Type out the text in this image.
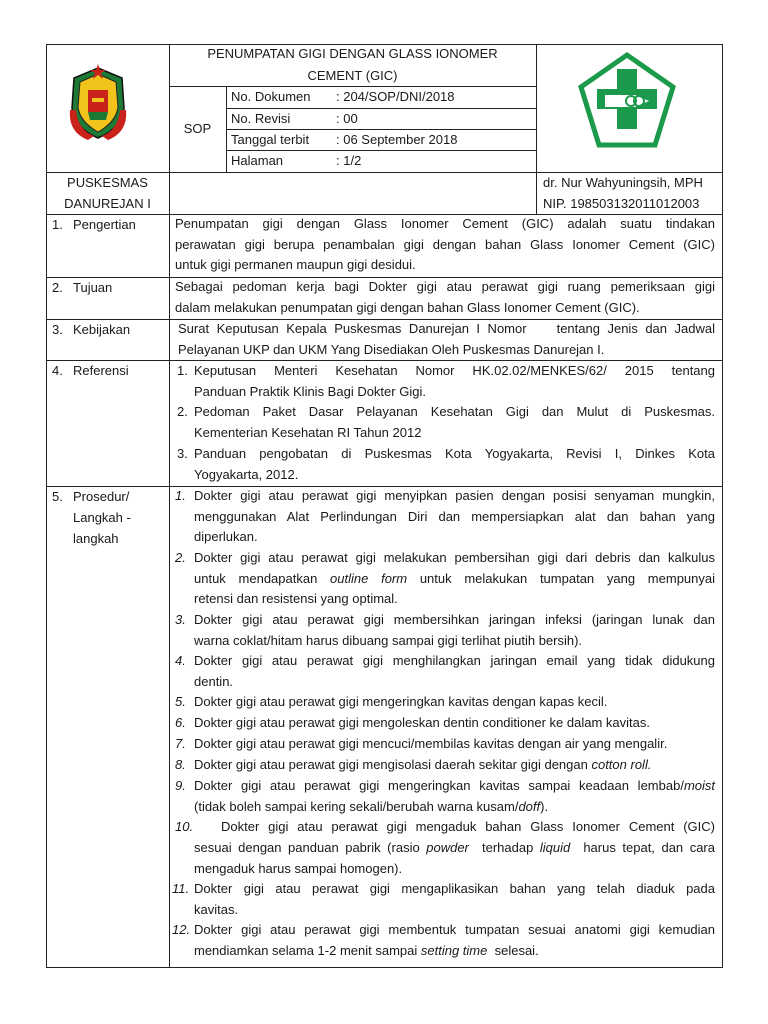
PENUMPATAN GIGI DENGAN GLASS IONOMER
CEMENT (GIC)
SOP
No. Dokumen : 204/SOP/DNI/2018
No. Revisi	: 00
Tanggal terbit : 06 September 2018
Halaman	: 1/2
PUSKESMAS
DANUREJAN I
dr. Nur Wahyuningsih, MPH
NIP. 198503132011012003
1. Pengertian	Penumpatan gigi dengan Glass Ionomer Cement (GIC) adalah suatu tindakan
perawatan gigi berupa penambalan gigi dengan bahan Glass Ionomer Cement (GIC)
untuk gigi permanen maupun gigi desidui.
2. Tujuan	Sebagai pedoman kerja bagi Dokter gigi atau perawat gigi ruang pemeriksaan gigi
dalam melakukan penumpatan gigi dengan bahan Glass Ionomer Cement (GIC).
3. Kebijakan	Surat Keputusan Kepala Puskesmas Danurejan I Nomor    tentang Jenis dan Jadwal
Pelayanan UKP dan UKM Yang Disediakan Oleh Puskesmas Danurejan I.
4. Referensi	1. Keputusan Menteri Kesehatan Nomor HK.02.02/MENKES/62/ 2015 tentang
Panduan Praktik Klinis Bagi Dokter Gigi.
2. Pedoman Paket Dasar Pelayanan Kesehatan Gigi dan Mulut di Puskesmas.
Kementerian Kesehatan RI Tahun 2012
3. Panduan pengobatan di Puskesmas Kota Yogyakarta, Revisi I, Dinkes Kota
Yogyakarta, 2012.
5. Prosedur/
Langkah -
langkah
1. Dokter gigi atau perawat gigi menyipkan pasien dengan posisi senyaman mungkin,
menggunakan Alat Perlindungan Diri dan mempersiapkan alat dan bahan yang
diperlukan.
2. Dokter gigi atau perawat gigi melakukan pembersihan gigi dari debris dan kalkulus
untuk mendapatkan outline form untuk melakukan tumpatan yang mempunyai
retensi dan resistensi yang optimal.
3. Dokter gigi atau perawat gigi membersihkan jaringan infeksi (jaringan lunak dan
warna coklat/hitam harus dibuang sampai gigi terlihat piutih bersih).
4. Dokter gigi atau perawat gigi menghilangkan jaringan email yang tidak didukung
dentin.
5. Dokter gigi atau perawat gigi mengeringkan kavitas dengan kapas kecil.
6. Dokter gigi atau perawat gigi mengoleskan dentin conditioner ke dalam kavitas.
7. Dokter gigi atau perawat gigi mencuci/membilas kavitas dengan air yang mengalir.
8. Dokter gigi atau perawat gigi mengisolasi daerah sekitar gigi dengan cotton roll.
9. Dokter gigi atau perawat gigi mengeringkan kavitas sampai keadaan lembab/moist
(tidak boleh sampai kering sekali/berubah warna kusam/doff).
10. Dokter gigi atau perawat gigi mengaduk bahan Glass Ionomer Cement (GIC)
sesuai dengan panduan pabrik (rasio powder  terhadap liquid  harus tepat, dan cara
mengaduk harus sampai homogen).
11. Dokter gigi atau perawat gigi mengaplikasikan bahan yang telah diaduk pada
kavitas.
12. Dokter gigi atau perawat gigi membentuk tumpatan sesuai anatomi gigi kemudian
mendiamkan selama 1-2 menit sampai setting time  selesai.
